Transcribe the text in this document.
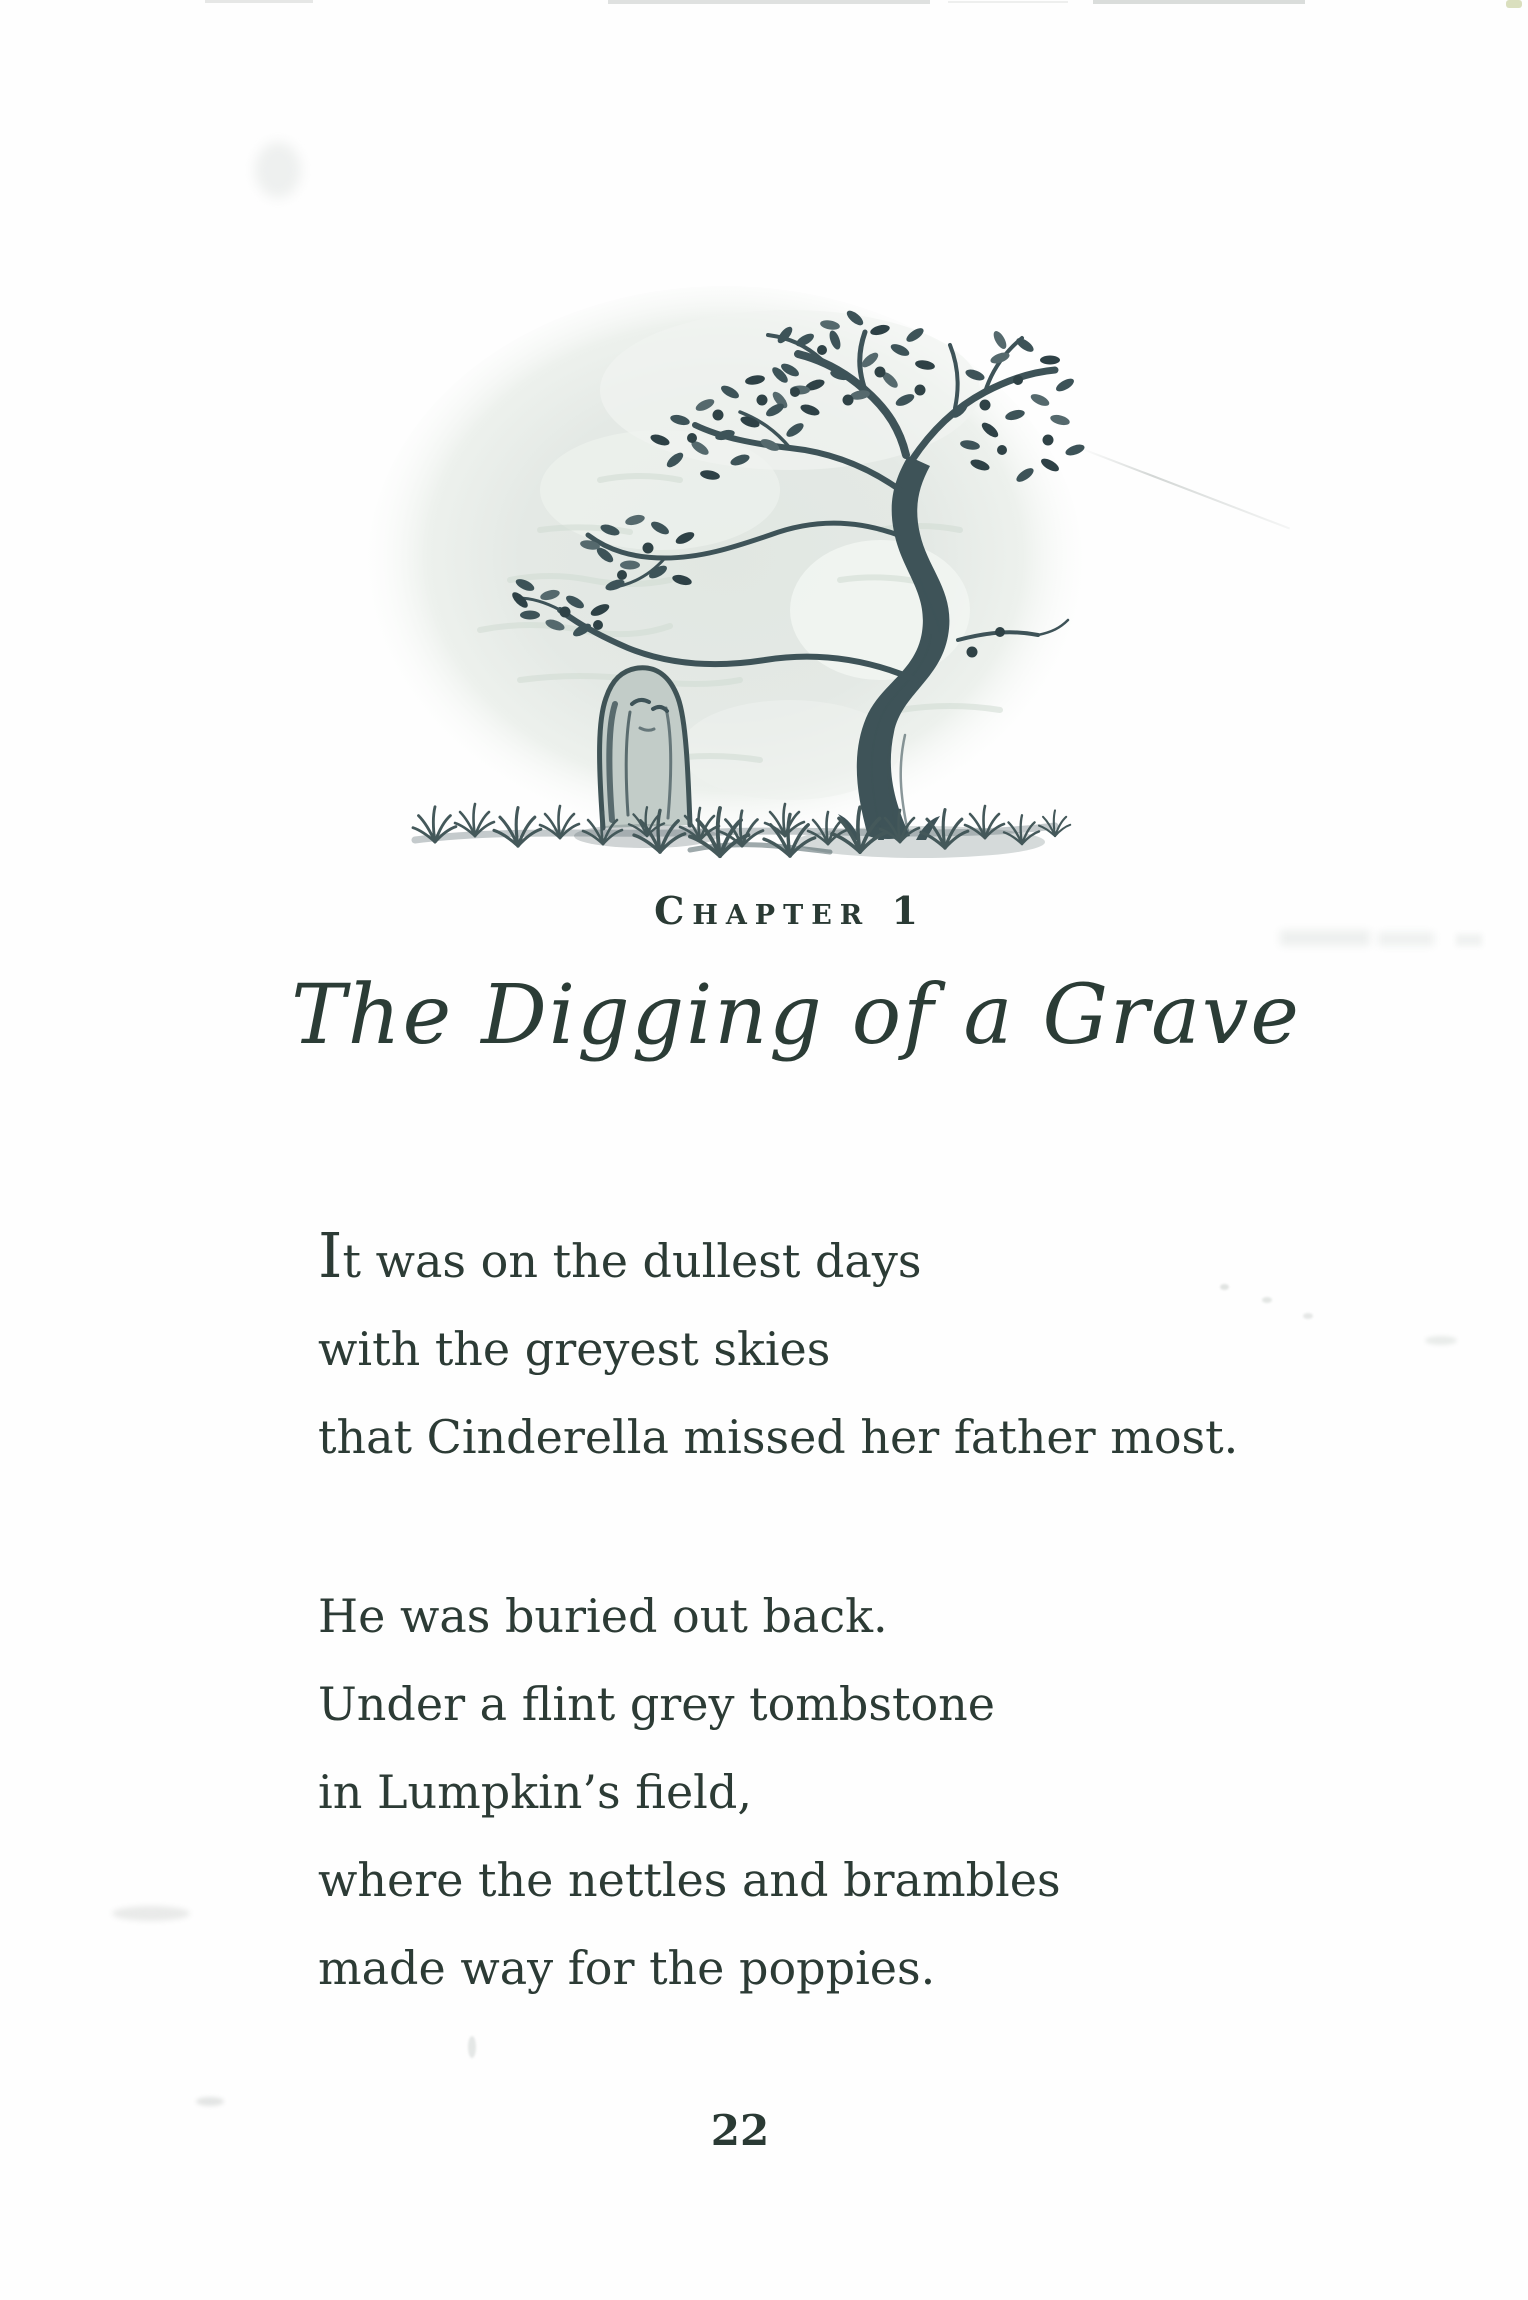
Chapter 1
The Digging of a Grave

It was on the dullest days

with the greyest skies

that Cinderella missed her father most.

He was buried out back.

Under a flint grey tombstone

in Lumpkin’s field,

where the nettles and brambles

made way for the poppies.

22
